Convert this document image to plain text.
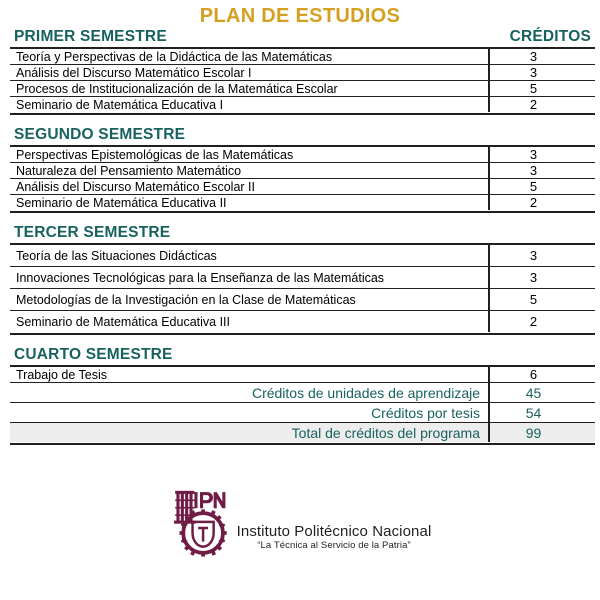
PLAN DE ESTUDIOS
PRIMER SEMESTRE	CRÉDITOS
Teoría y Perspectivas de la Didáctica de las Matemáticas	3
Análisis del Discurso Matemático Escolar I	3
Procesos de Institucionalización de la Matemática Escolar	5
Seminario de Matemática Educativa I	2
SEGUNDO SEMESTRE
Perspectivas Epistemológicas de las Matemáticas	3
Naturaleza del Pensamiento Matemático	3
Análisis del Discurso Matemático Escolar II	5
Seminario de Matemática Educativa II	2
TERCER SEMESTRE
Teoría de las Situaciones Didácticas	3
Innovaciones Tecnológicas para la Enseñanza de las Matemáticas	3
Metodologías de la Investigación en la Clase de Matemáticas	5
Seminario de Matemática Educativa III	2
CUARTO SEMESTRE
Trabajo de Tesis	6
Créditos de unidades de aprendizaje	45
Créditos por tesis	54
Total de créditos del programa	99
Instituto Politécnico Nacional
“La Técnica al Servicio de la Patria”
